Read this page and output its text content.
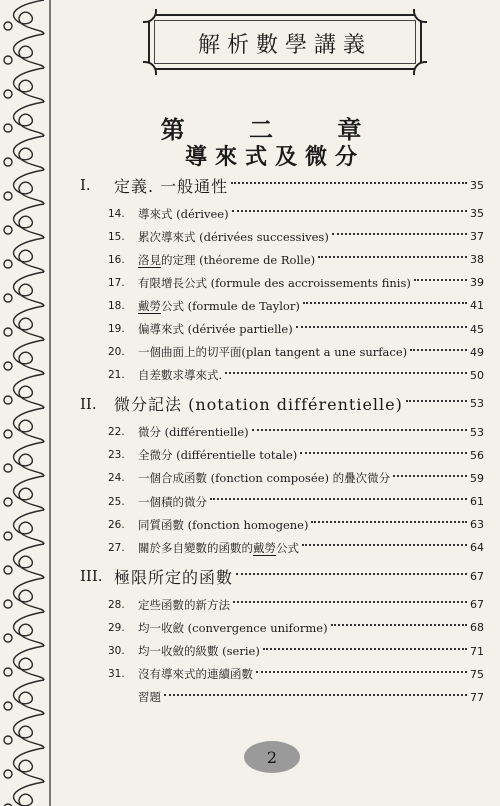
解析數學講義
第 二 章
導來式及微分
I.	定義. 一般通性	35
14.	導來式 (dérivee)	35
15.	累次導來式 (dérivées successives)	37
16.	洛見的定理 (théoreme de Rolle)	38
17.	有限增長公式 (formule des accroissements finis)	39
18.	戴勞公式 (formule de Taylor)	41
19.	偏導來式 (dérivée partielle)	45
20.	一個曲面上的切平面(plan tangent a une surface)	49
21.	自差數求導來式.	50
II.	微分記法 (notation différentielle)	53
22.	微分 (différentielle)	53
23.	全微分 (différentielle totale)	56
24.	一個合成函數 (fonction composée) 的疊次微分	59
25.	一個積的微分	61
26.	同質函數 (fonction homogene)	63
27.	關於多自變數的函數的戴勞公式	64
III. 極限所定的函數	67
28.	定些函數的新方法	67
29.	均一收斂 (convergence uniforme)	68
30.	均一收斂的級數 (serie)	71
31.	沒有導來式的連續函數	75
習題	77
2
